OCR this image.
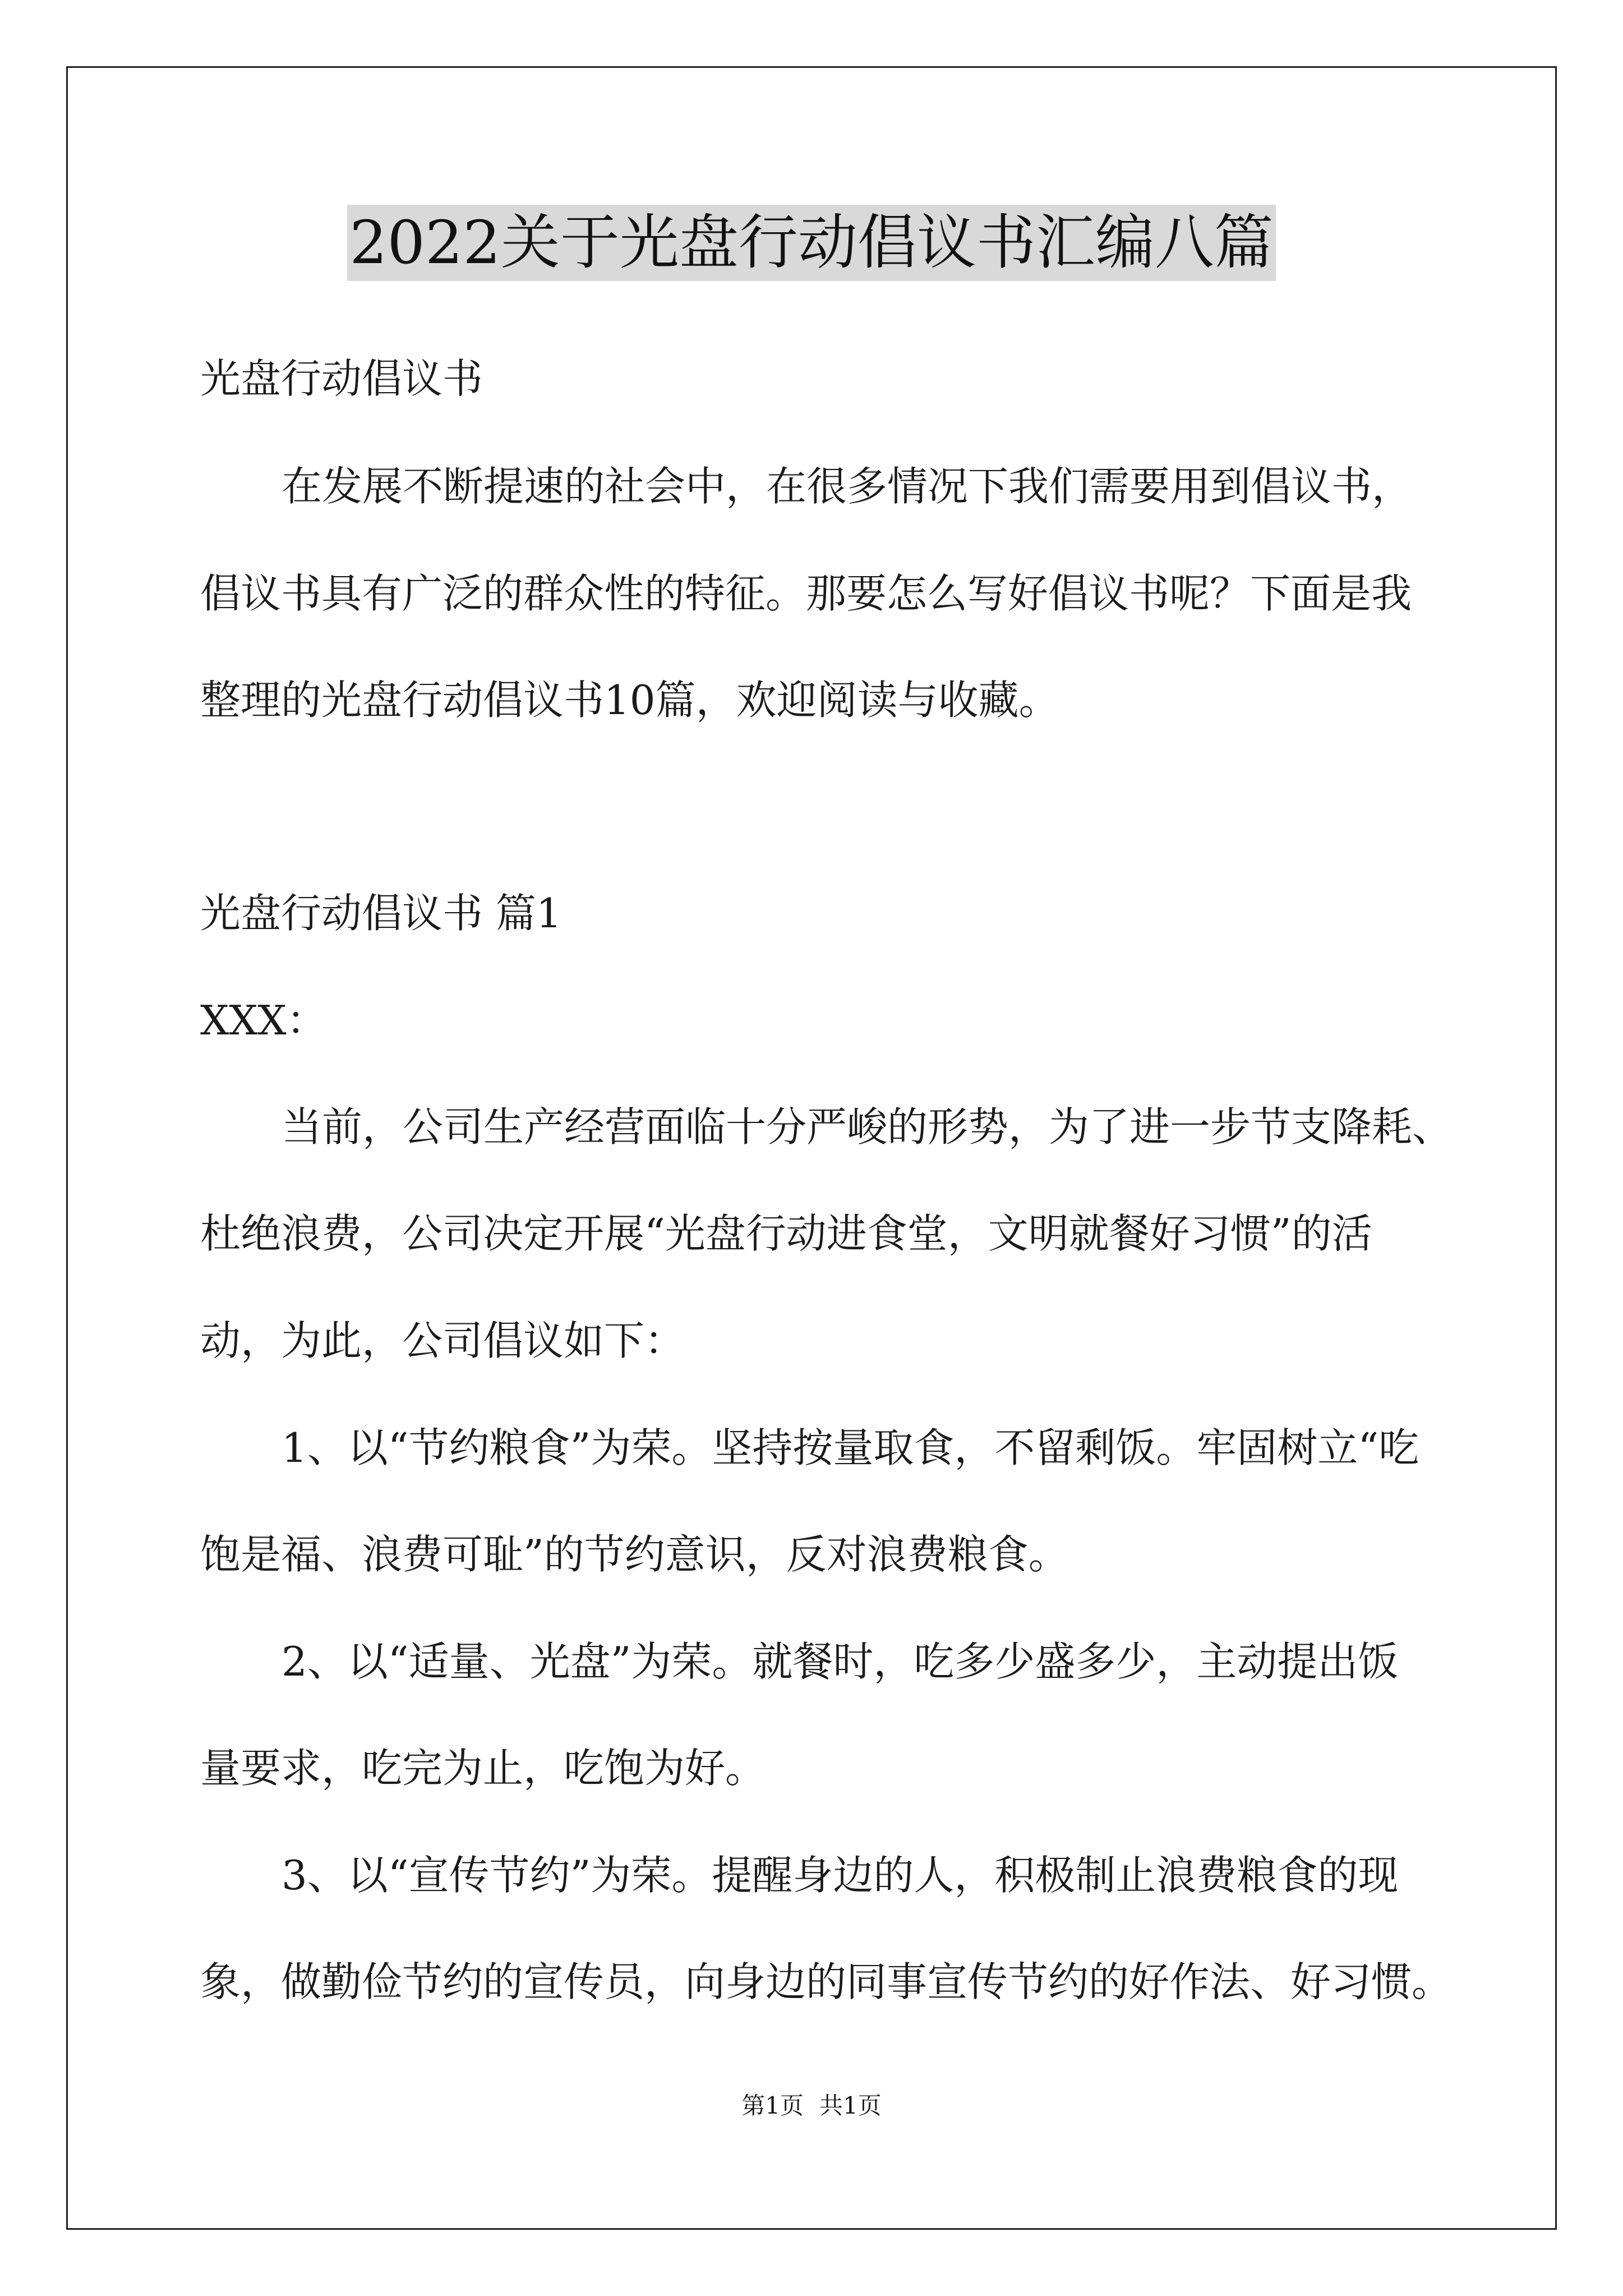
2022关于光盘行动倡议书汇编八篇
光盘行动倡议书
在发展不断提速的社会中，在很多情况下我们需要用到倡议书，
倡议书具有广泛的群众性的特征。那要怎么写好倡议书呢？下面是我
整理的光盘行动倡议书10篇，欢迎阅读与收藏。
光盘行动倡议书 篇1
XXX：
当前，公司生产经营面临十分严峻的形势，为了进一步节支降耗、
杜绝浪费，公司决定开展“光盘行动进食堂，文明就餐好习惯”的活
动，为此，公司倡议如下：
1、以“节约粮食”为荣。坚持按量取食，不留剩饭。牢固树立“吃
饱是福、浪费可耻”的节约意识，反对浪费粮食。
2、以“适量、光盘”为荣。就餐时，吃多少盛多少，主动提出饭
量要求，吃完为止，吃饱为好。
3、以“宣传节约”为荣。提醒身边的人，积极制止浪费粮食的现
象，做勤俭节约的宣传员，向身边的同事宣传节约的好作法、好习惯。
第1页 共1页
